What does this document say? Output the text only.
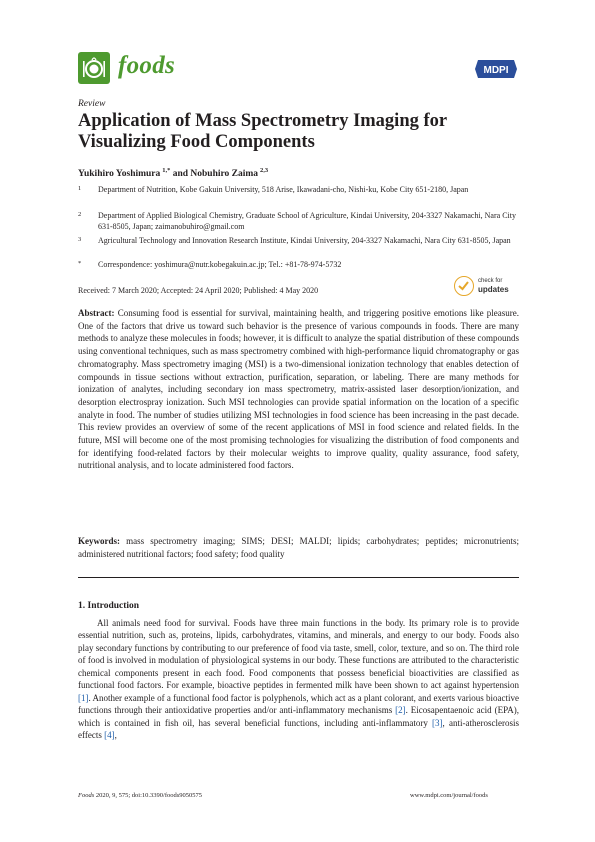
foods	MDPI
Review
Application of Mass Spectrometry Imaging for Visualizing Food Components
Yukihiro Yoshimura  $^{1,*}$ and Nobuhiro Zaima  $^{2,3}$
1 Department of Nutrition, Kobe Gakuin University, 518 Arise, Ikawadani-cho, Nishi-ku, Kobe City 651-2180, Japan
2 Department of Applied Biological Chemistry, Graduate School of Agriculture, Kindai University, 204-3327 Nakamachi, Nara City 631-8505, Japan; zaimanobuhiro@gmail.com
3 Agricultural Technology and Innovation Research Institute, Kindai University, 204-3327 Nakamachi, Nara City 631-8505, Japan
* Correspondence: yoshimura@nutr.kobegakuin.ac.jp; Tel.: +81-78-974-5732
check for
updates
Received: 7 March 2020; Accepted: 24 April 2020; Published: 4 May 2020
Abstract: Consuming food is essential for survival, maintaining health, and triggering positive emotions like pleasure. One of the factors that drive us toward such behavior is the presence of various compounds in foods. There are many methods to analyze these molecules in foods; however, it is difficult to analyze the spatial distribution of these compounds using conventional techniques, such as mass spectrometry combined with high-performance liquid chromatography or gas chromatography. Mass spectrometry imaging (MSI) is a two-dimensional ionization technology that enables detection of compounds in tissue sections without extraction, purification, separation, or labeling. There are many methods for ionization of analytes, including secondary ion mass spectrometry, matrix-assisted laser desorption/ionization, and desorption electrospray ionization. Such MSI technologies can provide spatial information on the location of a specific analyte in food. The number of studies utilizing MSI technologies in food science has been increasing in the past decade. This review provides an overview of some of the recent applications of MSI in food science and related fields. In the future, MSI will become one of the most promising technologies for visualizing the distribution of food components and for identifying food-related factors by their molecular weights to improve quality, quality assurance, food safety, nutritional analysis, and to locate administered food factors.
Keywords: mass spectrometry imaging; SIMS; DESI; MALDI; lipids; carbohydrates; peptides; micronutrients; administered nutritional factors; food safety; food quality
1. Introduction
All animals need food for survival. Foods have three main functions in the body. Its primary role is to provide essential nutrition, such as, proteins, lipids, carbohydrates, vitamins, and minerals, and energy to our body. Foods also play secondary functions by contributing to our preference of food via taste, smell, color, texture, and so on. The third role of food is involved in modulation of physiological systems in our body. These functions are attributed to the characteristic chemical components present in each food. Food components that possess beneficial bioactivities are classified as functional food factors. For example, bioactive peptides in fermented milk have been shown to act against hypertension [1]. Another example of a functional food factor is polyphenols, which act as a plant colorant, and exerts various bioactive functions through their antioxidative properties and/or anti-inflammatory mechanisms [2]. Eicosapentaenoic acid (EPA), which is contained in fish oil, has several beneficial functions, including anti-inflammatory [3], anti-atherosclerosis effects [4],
Foods 2020, 9, 575; doi:10.3390/foods9050575	www.mdpi.com/journal/foods
